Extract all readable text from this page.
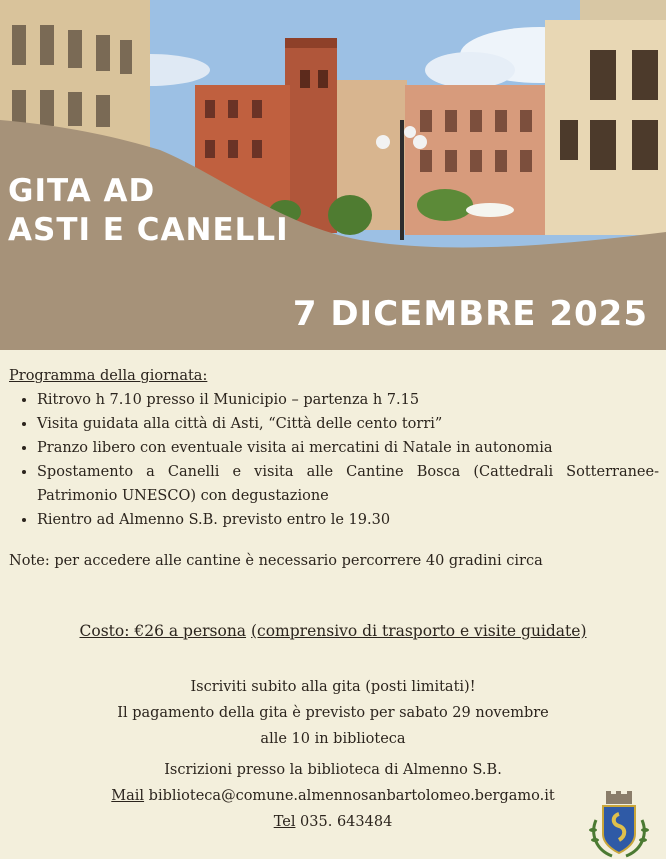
GITA AD
ASTI E CANELLI
7 DICEMBRE 2025
Programma della giornata:
• Ritrovo h 7.10 presso il Municipio – partenza h 7.15
• Visita guidata alla città di Asti, “Città delle cento torri”
• Pranzo libero con eventuale visita ai mercatini di Natale in autonomia
• Spostamento a Canelli e visita alle Cantine Bosca (Cattedrali Sotterranee-Patrimonio UNESCO) con degustazione
• Rientro ad Almenno S.B. previsto entro le 19.30
Note: per accedere alle cantine è necessario percorrere 40 gradini circa
Costo: €26 a persona (comprensivo di trasporto e visite guidate)
Iscriviti subito alla gita (posti limitati)!
Il pagamento della gita è previsto per sabato 29 novembre
alle 10 in biblioteca
Iscrizioni presso la biblioteca di Almenno S.B.
Mail biblioteca@comune.almennosanbartolomeo.bergamo.it
Tel 035. 643484
